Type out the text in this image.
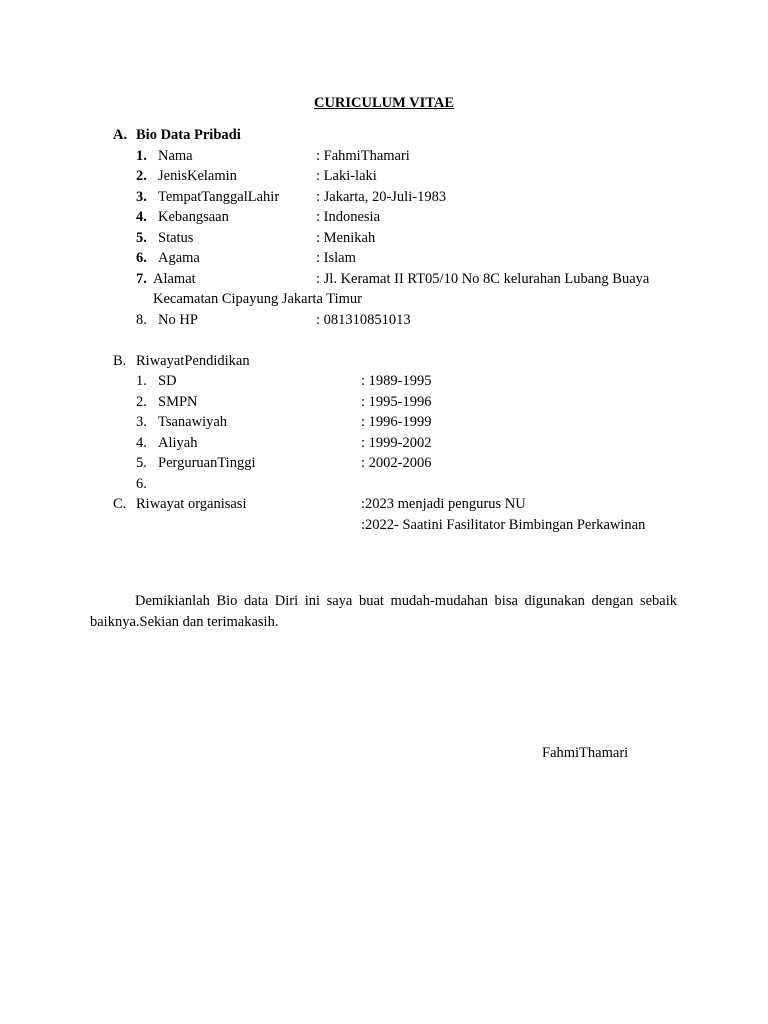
CURICULUM VITAE
A. Bio Data Pribadi
1. Nama	: FahmiThamari
2. JenisKelamin	: Laki-laki
3. TempatTanggalLahir	: Jakarta, 20-Juli-1983
4. Kebangsaan	: Indonesia
5. Status	: Menikah
6. Agama	: Islam
7. Alamat	: Jl. Keramat II RT05/10 No 8C kelurahan Lubang Buaya
Kecamatan Cipayung Jakarta Timur
8. No HP	: 081310851013
B. RiwayatPendidikan
1. SD	: 1989-1995
2. SMPN	: 1995-1996
3. Tsanawiyah	: 1996-1999
4. Aliyah	: 1999-2002
5. PerguruanTinggi	: 2002-2006
6.
C. Riwayat organisasi	:2023 menjadi pengurus NU
:2022- Saatini Fasilitator Bimbingan Perkawinan
Demikianlah Bio data Diri ini saya buat mudah-mudahan bisa digunakan dengan sebaik baiknya.Sekian dan terimakasih.
FahmiThamari
